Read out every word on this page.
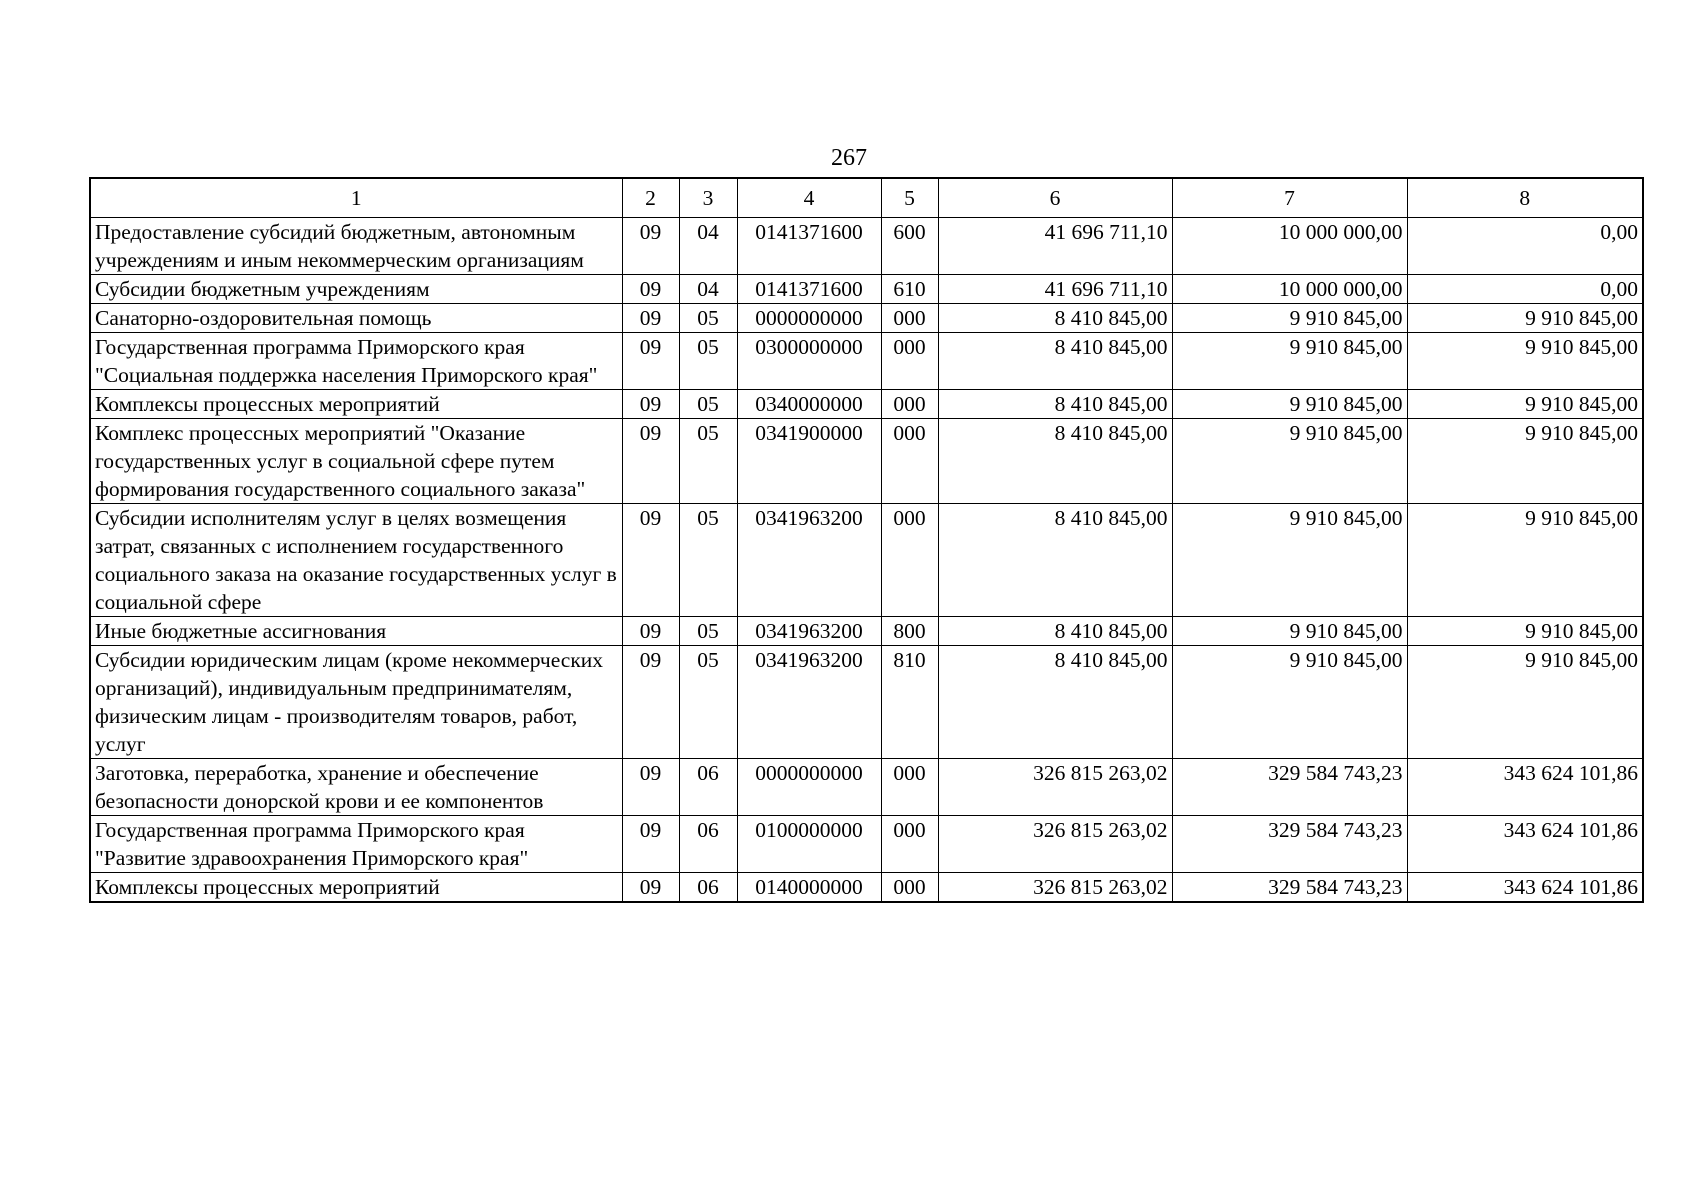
267
1	2	3	4	5	6	7	8
Предоставление субсидий бюджетным, автономным учреждениям и иным некоммерческим организациям	09	04	0141371600	600	41 696 711,10	10 000 000,00	0,00
Субсидии бюджетным учреждениям	09	04	0141371600	610	41 696 711,10	10 000 000,00	0,00
Санаторно-оздоровительная помощь	09	05	0000000000	000	8 410 845,00	9 910 845,00	9 910 845,00
Государственная программа Приморского края "Социальная поддержка населения Приморского края"	09	05	0300000000	000	8 410 845,00	9 910 845,00	9 910 845,00
Комплексы процессных мероприятий	09	05	0340000000	000	8 410 845,00	9 910 845,00	9 910 845,00
Комплекс процессных мероприятий "Оказание государственных услуг в социальной сфере путем формирования государственного социального заказа"	09	05	0341900000	000	8 410 845,00	9 910 845,00	9 910 845,00
Субсидии исполнителям услуг в целях возмещения затрат, связанных с исполнением государственного социального заказа на оказание государственных услуг в социальной сфере	09	05	0341963200	000	8 410 845,00	9 910 845,00	9 910 845,00
Иные бюджетные ассигнования	09	05	0341963200	800	8 410 845,00	9 910 845,00	9 910 845,00
Субсидии юридическим лицам (кроме некоммерческих организаций), индивидуальным предпринимателям, физическим лицам - производителям товаров, работ, услуг	09	05	0341963200	810	8 410 845,00	9 910 845,00	9 910 845,00
Заготовка, переработка, хранение и обеспечение безопасности донорской крови и ее компонентов	09	06	0000000000	000	326 815 263,02	329 584 743,23	343 624 101,86
Государственная программа Приморского края "Развитие здравоохранения Приморского края"	09	06	0100000000	000	326 815 263,02	329 584 743,23	343 624 101,86
Комплексы процессных мероприятий	09	06	0140000000	000	326 815 263,02	329 584 743,23	343 624 101,86
